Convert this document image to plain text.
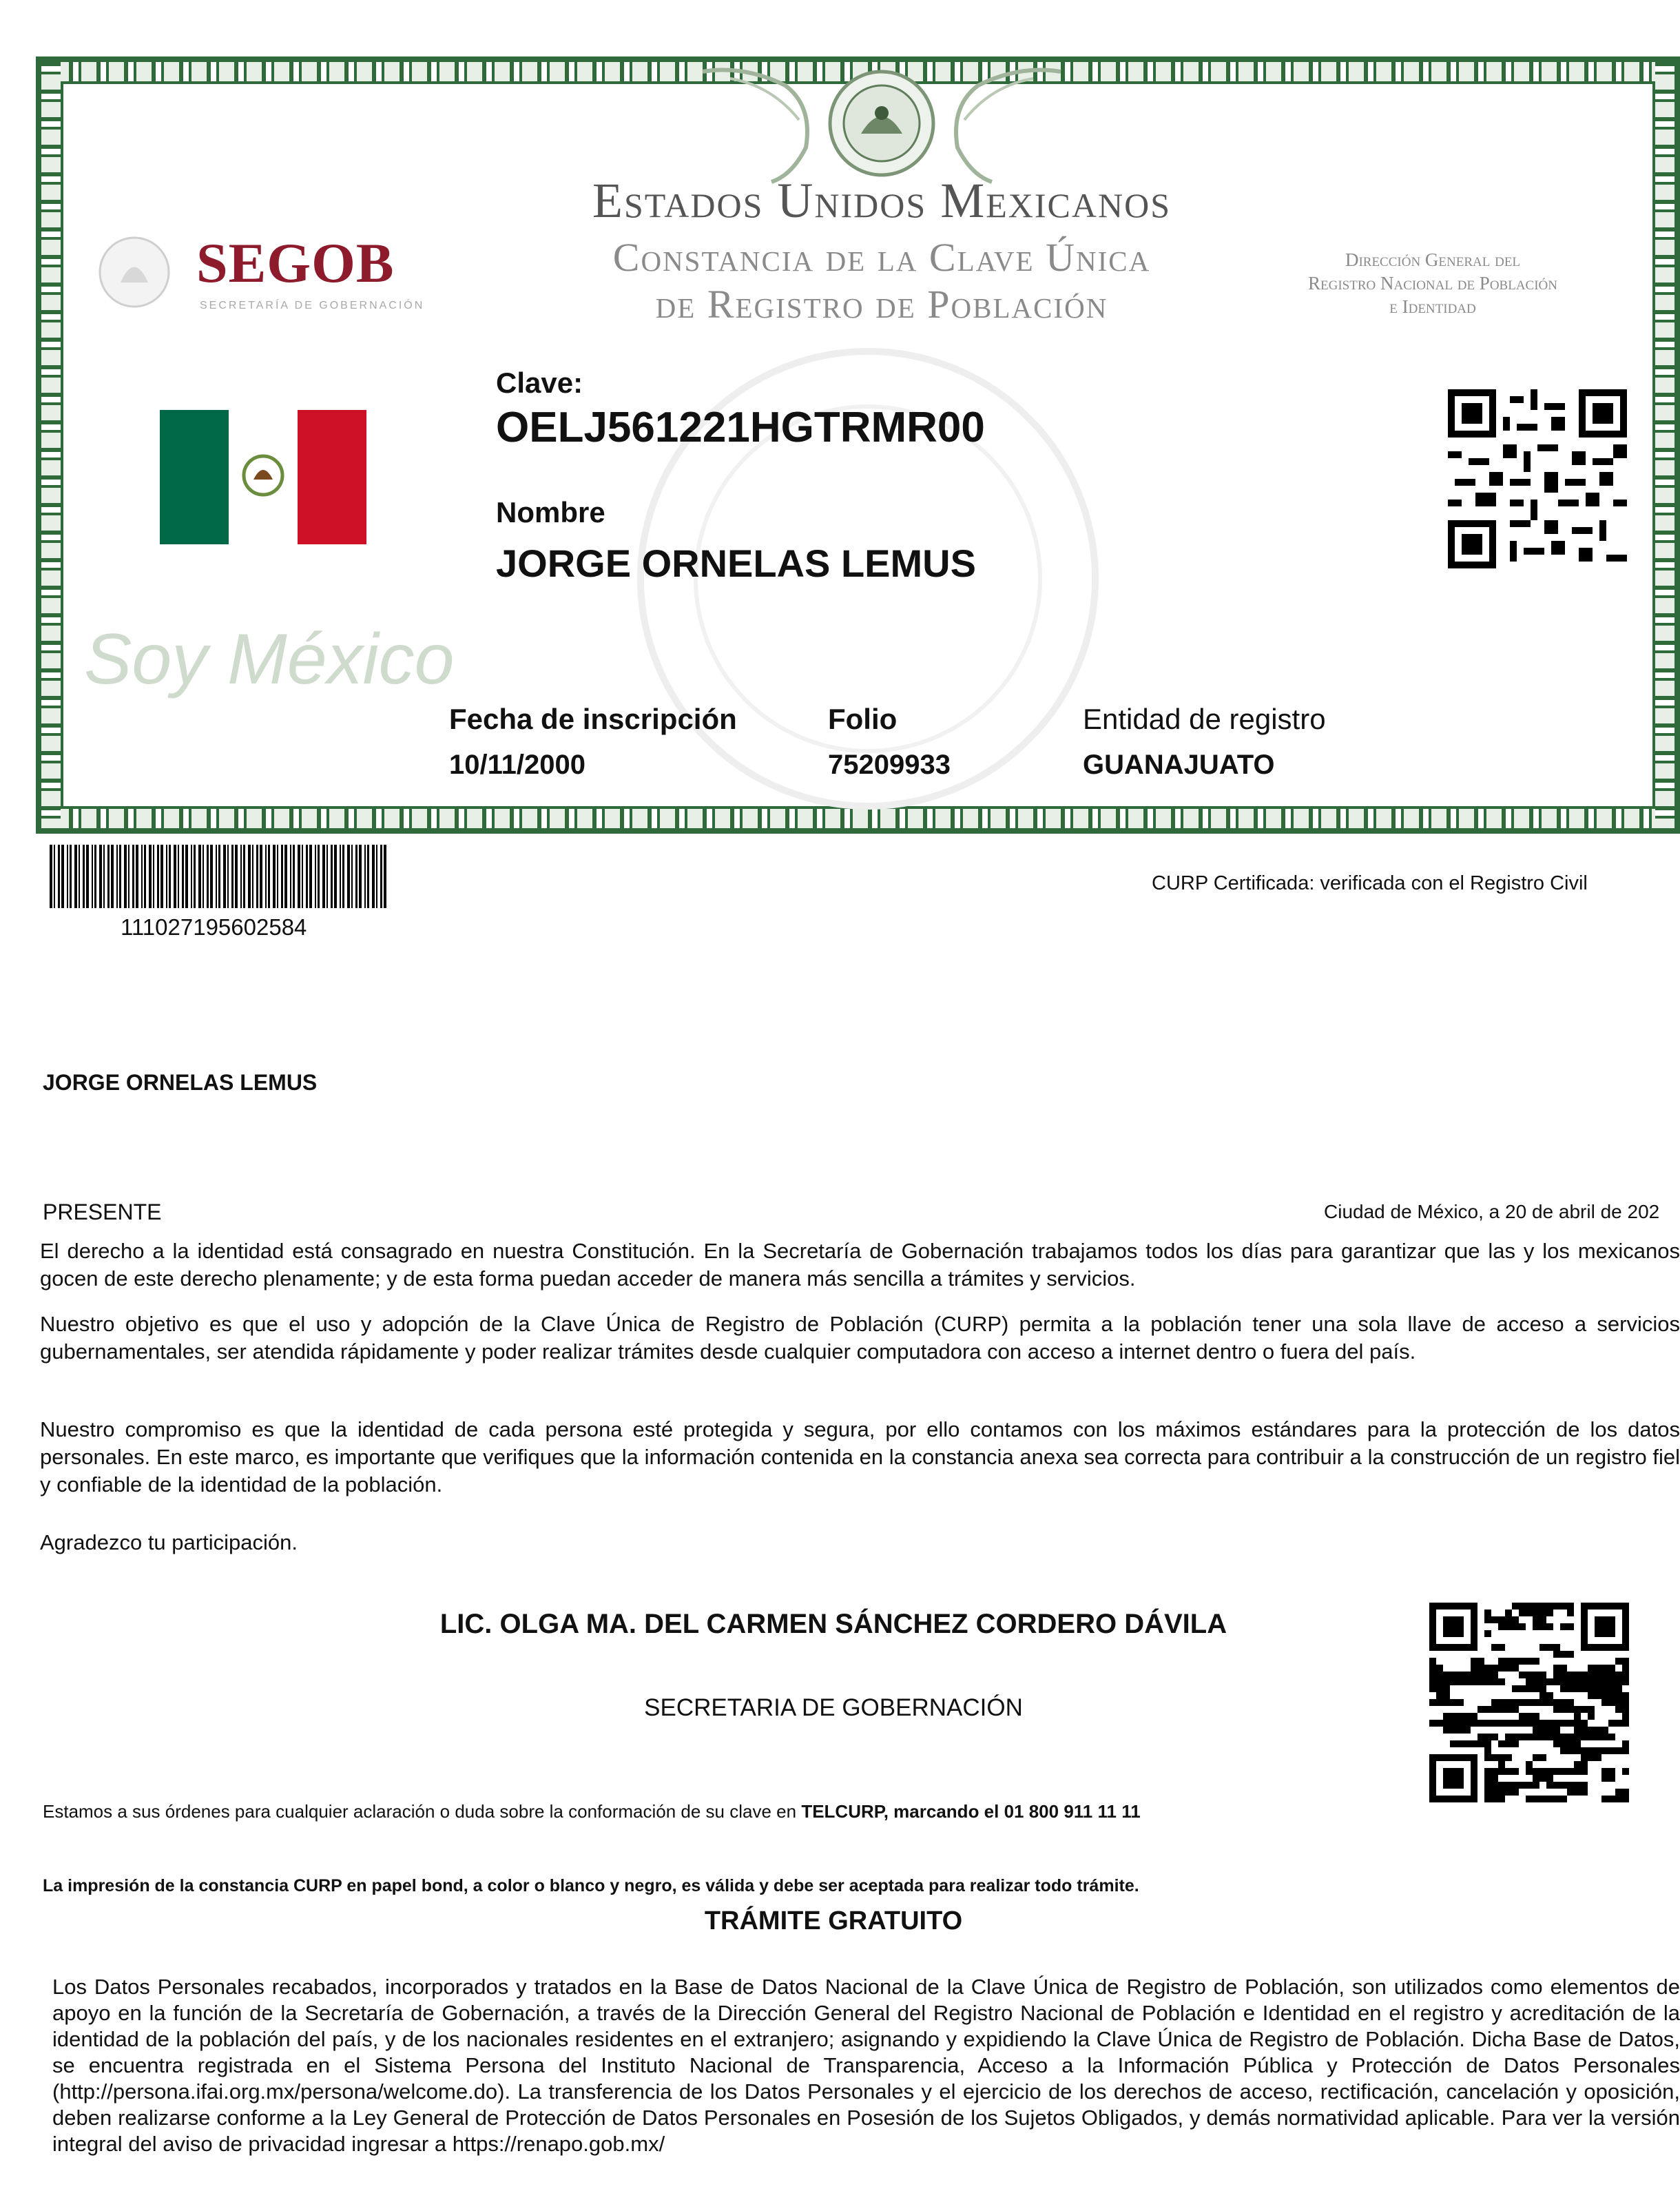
SEGOB
SECRETARÍA DE GOBERNACIÓN
Estados Unidos Mexicanos
Constancia de la Clave Única
de Registro de Población
Dirección General del
Registro Nacional de Población
e Identidad
Soy México
Clave:
OELJ561221HGTRMR00
Nombre
JORGE ORNELAS LEMUS
Fecha de inscripción
10/11/2000
Folio
75209933
Entidad de registro
GUANAJUATO
111027195602584
CURP Certificada: verificada con el Registro Civil
JORGE ORNELAS LEMUS
PRESENTE	Ciudad de México, a 20 de abril de 202
El derecho a la identidad está consagrado en nuestra Constitución. En la Secretaría de Gobernación trabajamos todos los días para garantizar que las y los mexicanos gocen de este derecho plenamente; y de esta forma puedan acceder de manera más sencilla a trámites y servicios.
Nuestro objetivo es que el uso y adopción de la Clave Única de Registro de Población (CURP) permita a la población tener una sola llave de acceso a servicios gubernamentales, ser atendida rápidamente y poder realizar trámites desde cualquier computadora con acceso a internet dentro o fuera del país.
Nuestro compromiso es que la identidad de cada persona esté protegida y segura, por ello contamos con los máximos estándares para la protección de los datos personales. En este marco, es importante que verifiques que la información contenida en la constancia anexa sea correcta para contribuir a la construcción de un registro fiel y confiable de la identidad de la población.
Agradezco tu participación.
LIC. OLGA MA. DEL CARMEN SÁNCHEZ CORDERO DÁVILA
SECRETARIA DE GOBERNACIÓN
Estamos a sus órdenes para cualquier aclaración o duda sobre la conformación de su clave en TELCURP, marcando el 01 800 911 11 11
La impresión de la constancia CURP en papel bond, a color o blanco y negro, es válida y debe ser aceptada para realizar todo trámite.
TRÁMITE GRATUITO
Los Datos Personales recabados, incorporados y tratados en la Base de Datos Nacional de la Clave Única de Registro de Población, son utilizados como elementos de apoyo en la función de la Secretaría de Gobernación, a través de la Dirección General del Registro Nacional de Población e Identidad en el registro y acreditación de la identidad de la población del país, y de los nacionales residentes en el extranjero; asignando y expidiendo la Clave Única de Registro de Población. Dicha Base de Datos, se encuentra registrada en el Sistema Persona del Instituto Nacional de Transparencia, Acceso a la Información Pública y Protección de Datos Personales (http://persona.ifai.org.mx/persona/welcome.do). La transferencia de los Datos Personales y el ejercicio de los derechos de acceso, rectificación, cancelación y oposición, deben realizarse conforme a la Ley General de Protección de Datos Personales en Posesión de los Sujetos Obligados, y demás normatividad aplicable. Para ver la versión integral del aviso de privacidad ingresar a https://renapo.gob.mx/
